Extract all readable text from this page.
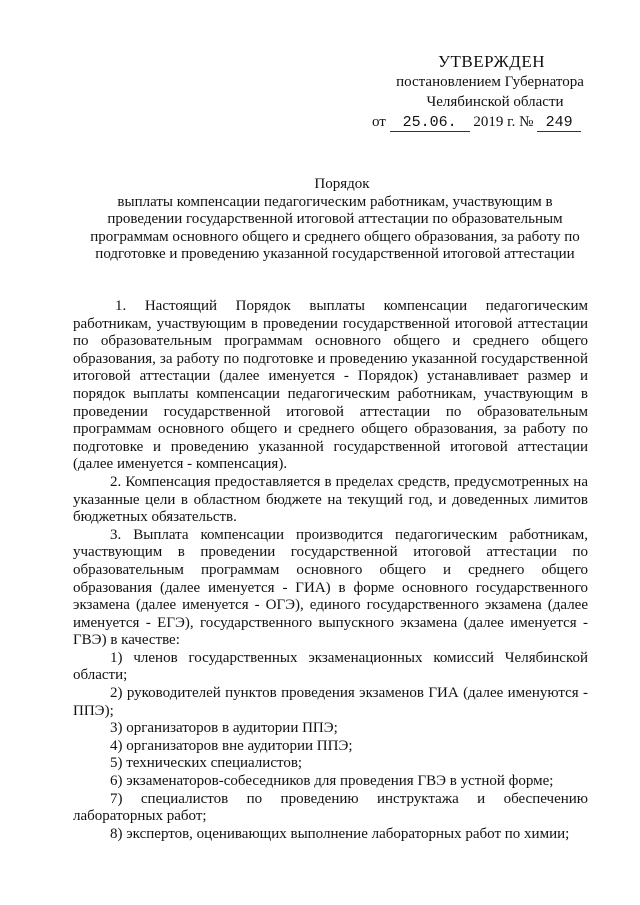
УТВЕРЖДЕН
постановлением Губернатора
Челябинской области
от 25.06. 2019 г. № 249
Порядок
выплаты компенсации педагогическим работникам, участвующим в
проведении государственной итоговой аттестации по образовательным
программам основного общего и среднего общего образования, за работу по
подготовке и проведению указанной государственной итоговой аттестации

1. Настоящий Порядок выплаты компенсации педагогическим работникам, участвующим в проведении государственной итоговой аттестации по образовательным программам основного общего и среднего общего образования, за работу по подготовке и проведению указанной государственной итоговой аттестации (далее именуется - Порядок) устанавливает размер и порядок выплаты компенсации педагогическим работникам, участвующим в проведении государственной итоговой аттестации по образовательным программам основного общего и среднего общего образования, за работу по подготовке и проведению указанной государственной итоговой аттестации (далее именуется - компенсация).

2. Компенсация предоставляется в пределах средств, предусмотренных на указанные цели в областном бюджете на текущий год, и доведенных лимитов бюджетных обязательств.

3. Выплата компенсации производится педагогическим работникам, участвующим в проведении государственной итоговой аттестации по образовательным программам основного общего и среднего общего образования (далее именуется - ГИА) в форме основного государственного экзамена (далее именуется - ОГЭ), единого государственного экзамена (далее именуется - ЕГЭ), государственного выпускного экзамена (далее именуется - ГВЭ) в качестве:

1) членов государственных экзаменационных комиссий Челябинской области;

2) руководителей пунктов проведения экзаменов ГИА (далее именуются - ППЭ);

3) организаторов в аудитории ППЭ;

4) организаторов вне аудитории ППЭ;

5) технических специалистов;

6) экзаменаторов-собеседников для проведения ГВЭ в устной форме;

7) специалистов по проведению инструктажа и обеспечению лабораторных работ;

8) экспертов, оценивающих выполнение лабораторных работ по химии;
